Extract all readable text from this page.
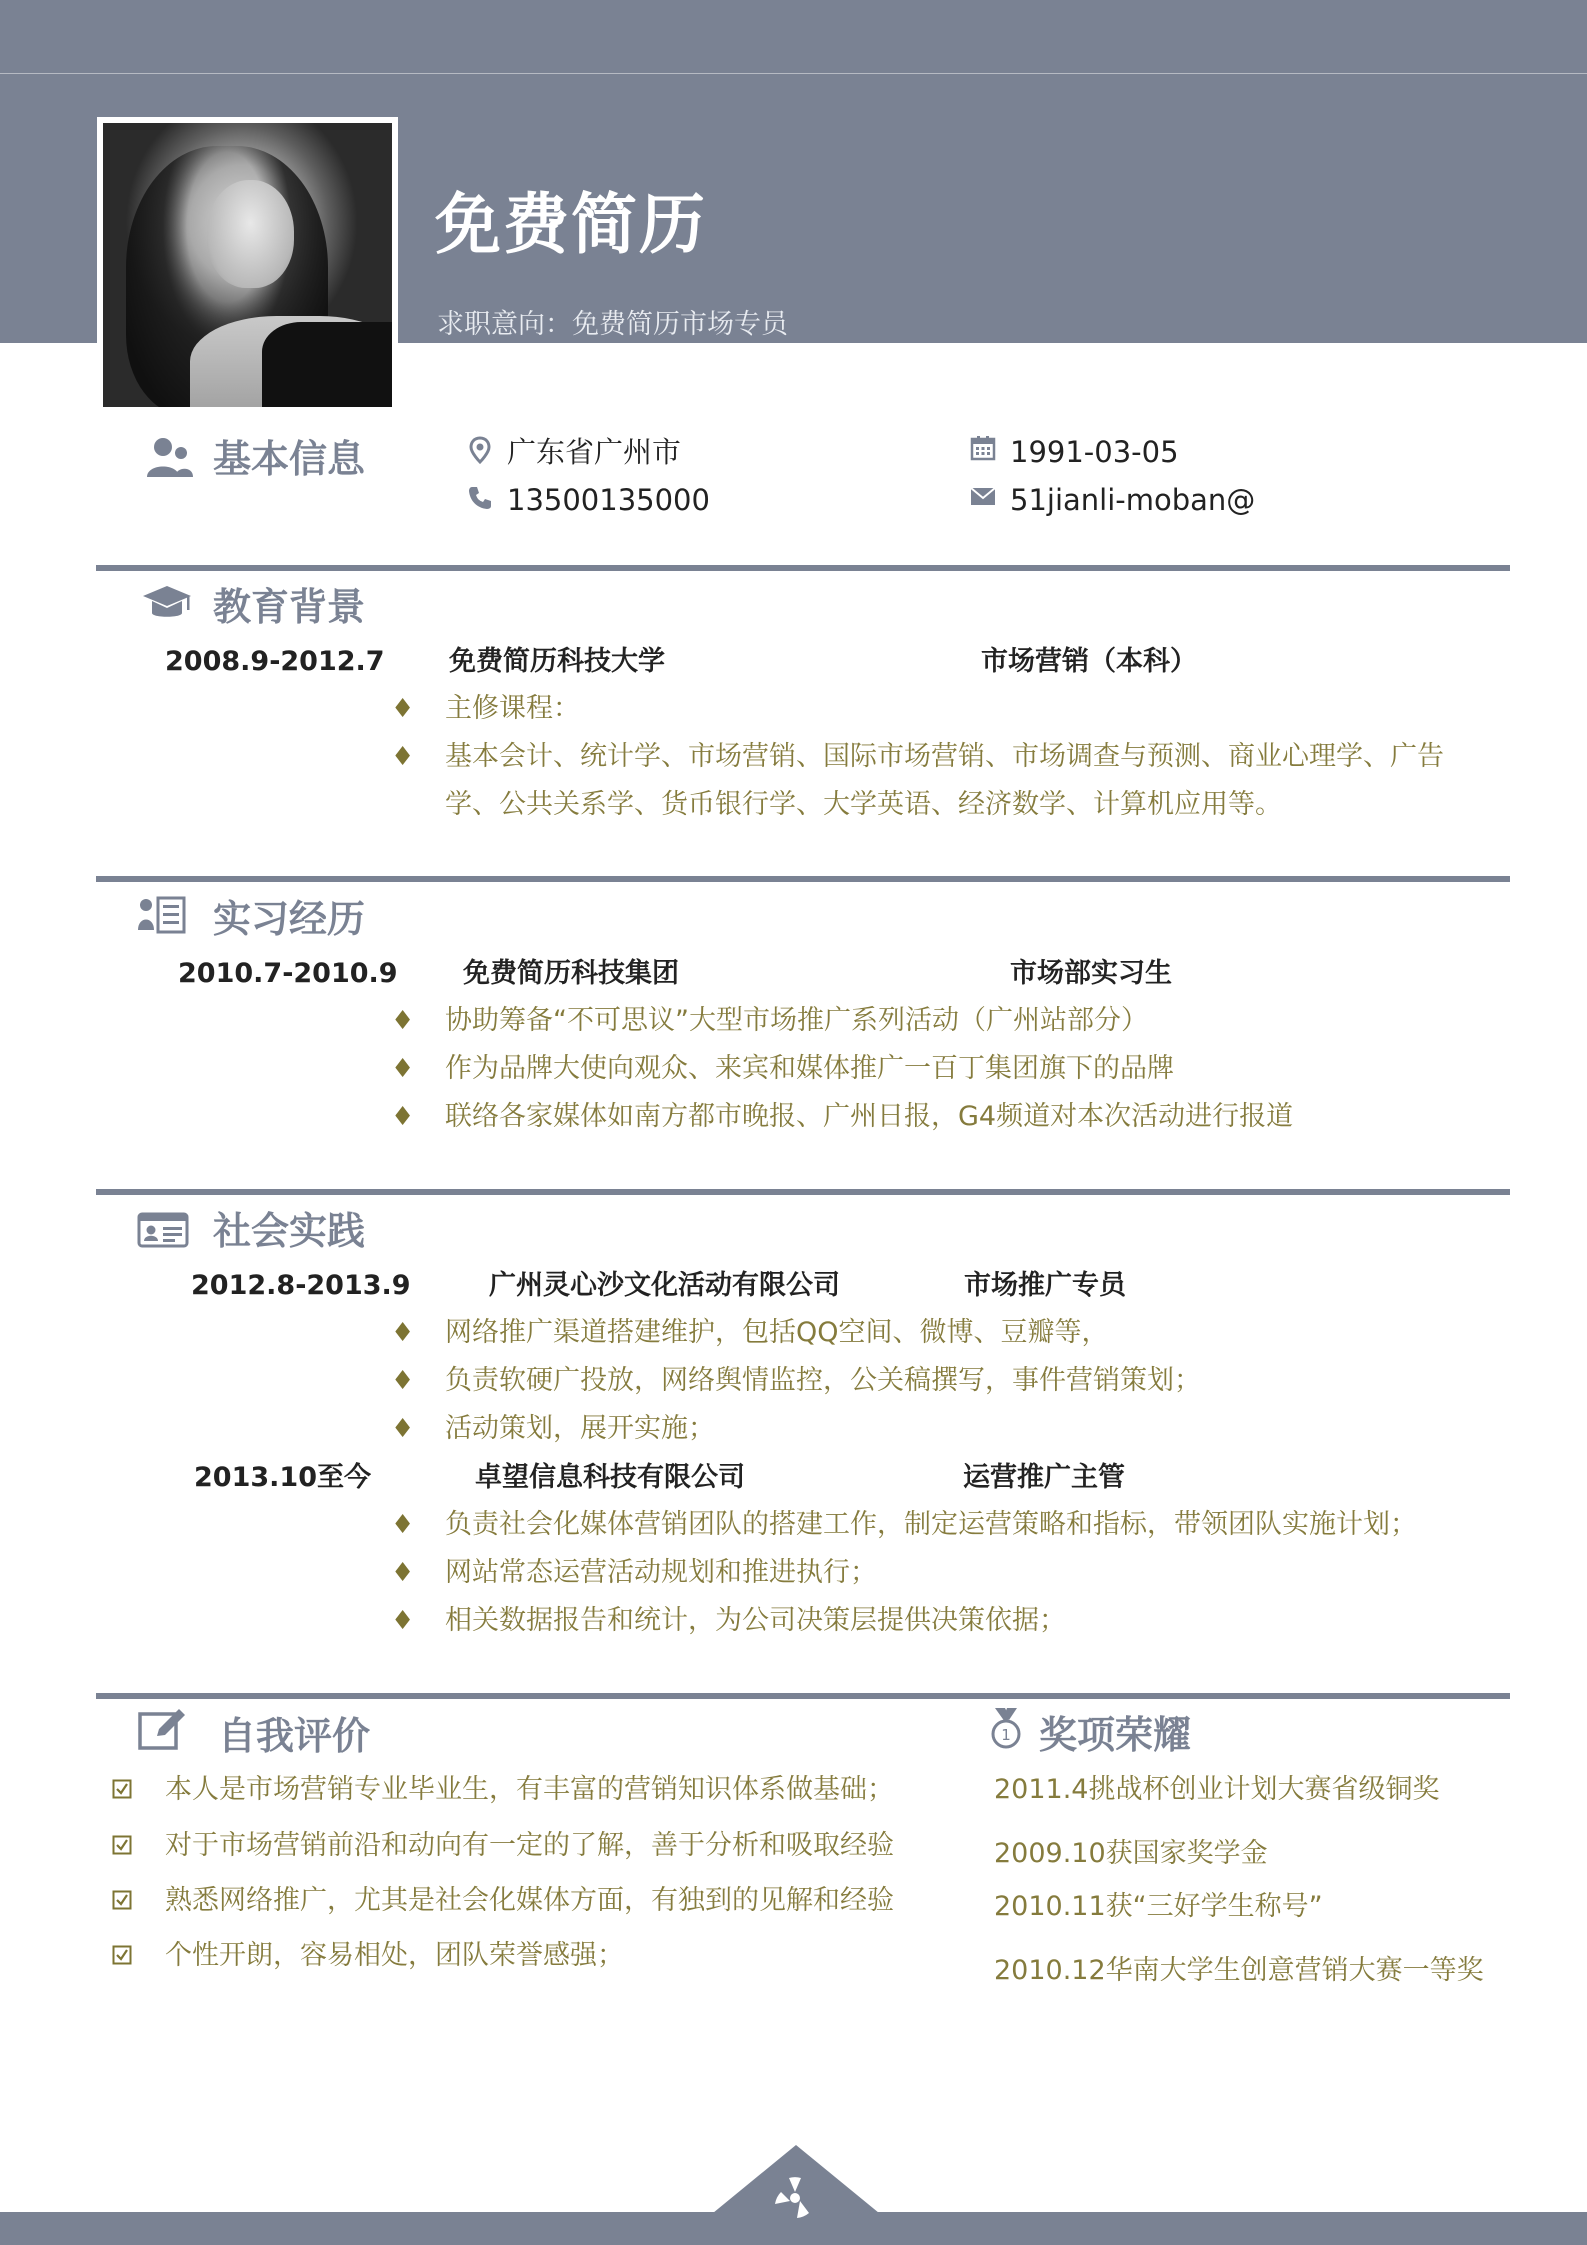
免费简历
求职意向：免费简历市场专员
基本信息	广东省广州市
13500135000
1991-03-05
51jianli-moban@
教育背景
2008.9-2012.7 免费简历科技大学	市场营销（本科）
♦ 主修课程：
♦ 基本会计、统计学、市场营销、国际市场营销、市场调查与预测、商业心理学、广告学、公共关系学、货币银行学、大学英语、经济数学、计算机应用等。
实习经历
2010.7-2010.9 免费简历科技集团	市场部实习生
♦ 协助筹备“不可思议”大型市场推广系列活动（广州站部分）
♦ 作为品牌大使向观众、来宾和媒体推广一百丁集团旗下的品牌
♦ 联络各家媒体如南方都市晚报、广州日报，G4频道对本次活动进行报道
社会实践
2012.8-2013.9	广州灵心沙文化活动有限公司	市场推广专员
♦ 网络推广渠道搭建维护，包括QQ空间、微博、豆瓣等，
♦ 负责软硬广投放，网络舆情监控，公关稿撰写，事件营销策划；
♦ 活动策划，展开实施；
2013.10至今	卓望信息科技有限公司	运营推广主管
♦ 负责社会化媒体营销团队的搭建工作，制定运营策略和指标，带领团队实施计划；
♦ 网站常态运营活动规划和推进执行；
♦ 相关数据报告和统计，为公司决策层提供决策依据；
自我评价
本人是市场营销专业毕业生，有丰富的营销知识体系做基础；
对于市场营销前沿和动向有一定的了解，善于分析和吸取经验
熟悉网络推广，尤其是社会化媒体方面，有独到的见解和经验
个性开朗，容易相处，团队荣誉感强；
1 奖项荣耀
2011.4挑战杯创业计划大赛省级铜奖
2009.10获国家奖学金
2010.11获“三好学生称号”
2010.12华南大学生创意营销大赛一等奖
